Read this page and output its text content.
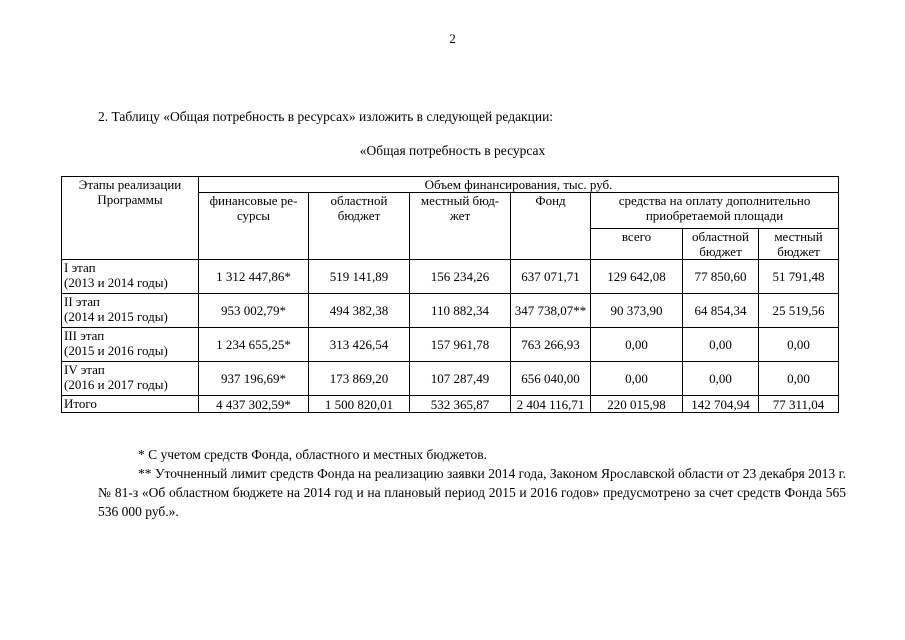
2
2. Таблицу «Общая потребность в ресурсах» изложить в следующей редакции:
«Общая потребность в ресурсах
Этапы реализации Программы	Объем финансирования, тыс. руб.						
	финансовые ре-сурсы	областной бюджет	местный бюд-жет	Фонд	средства на оплату дополнительно приобретаемой площади		
					всего	областной бюджет	местный бюджет
I этап
(2013 и 2014 годы)	1 312 447,86*	519 141,89	156 234,26	637 071,71	129 642,08	77 850,60	51 791,48
II этап
(2014 и 2015 годы)	953 002,79*	494 382,38	110 882,34	347 738,07**	90 373,90	64 854,34	25 519,56
III этап
(2015 и 2016 годы)	1 234 655,25*	313 426,54	157 961,78	763 266,93	0,00	0,00	0,00
IV этап
(2016 и 2017 годы)	937 196,69*	173 869,20	107 287,49	656 040,00	0,00	0,00	0,00
Итого	4 437 302,59*	1 500 820,01	532 365,87	2 404 116,71	220 015,98	142 704,94	77 311,04
* С учетом средств Фонда, областного и местных бюджетов.
** Уточненный лимит средств Фонда на реализацию заявки 2014 года, Законом Ярославской области от 23 декабря 2013 г. № 81-з «Об областном бюджете на 2014 год и на плановый период 2015 и 2016 годов» предусмотрено за счет средств Фонда 565 536 000 руб.».
